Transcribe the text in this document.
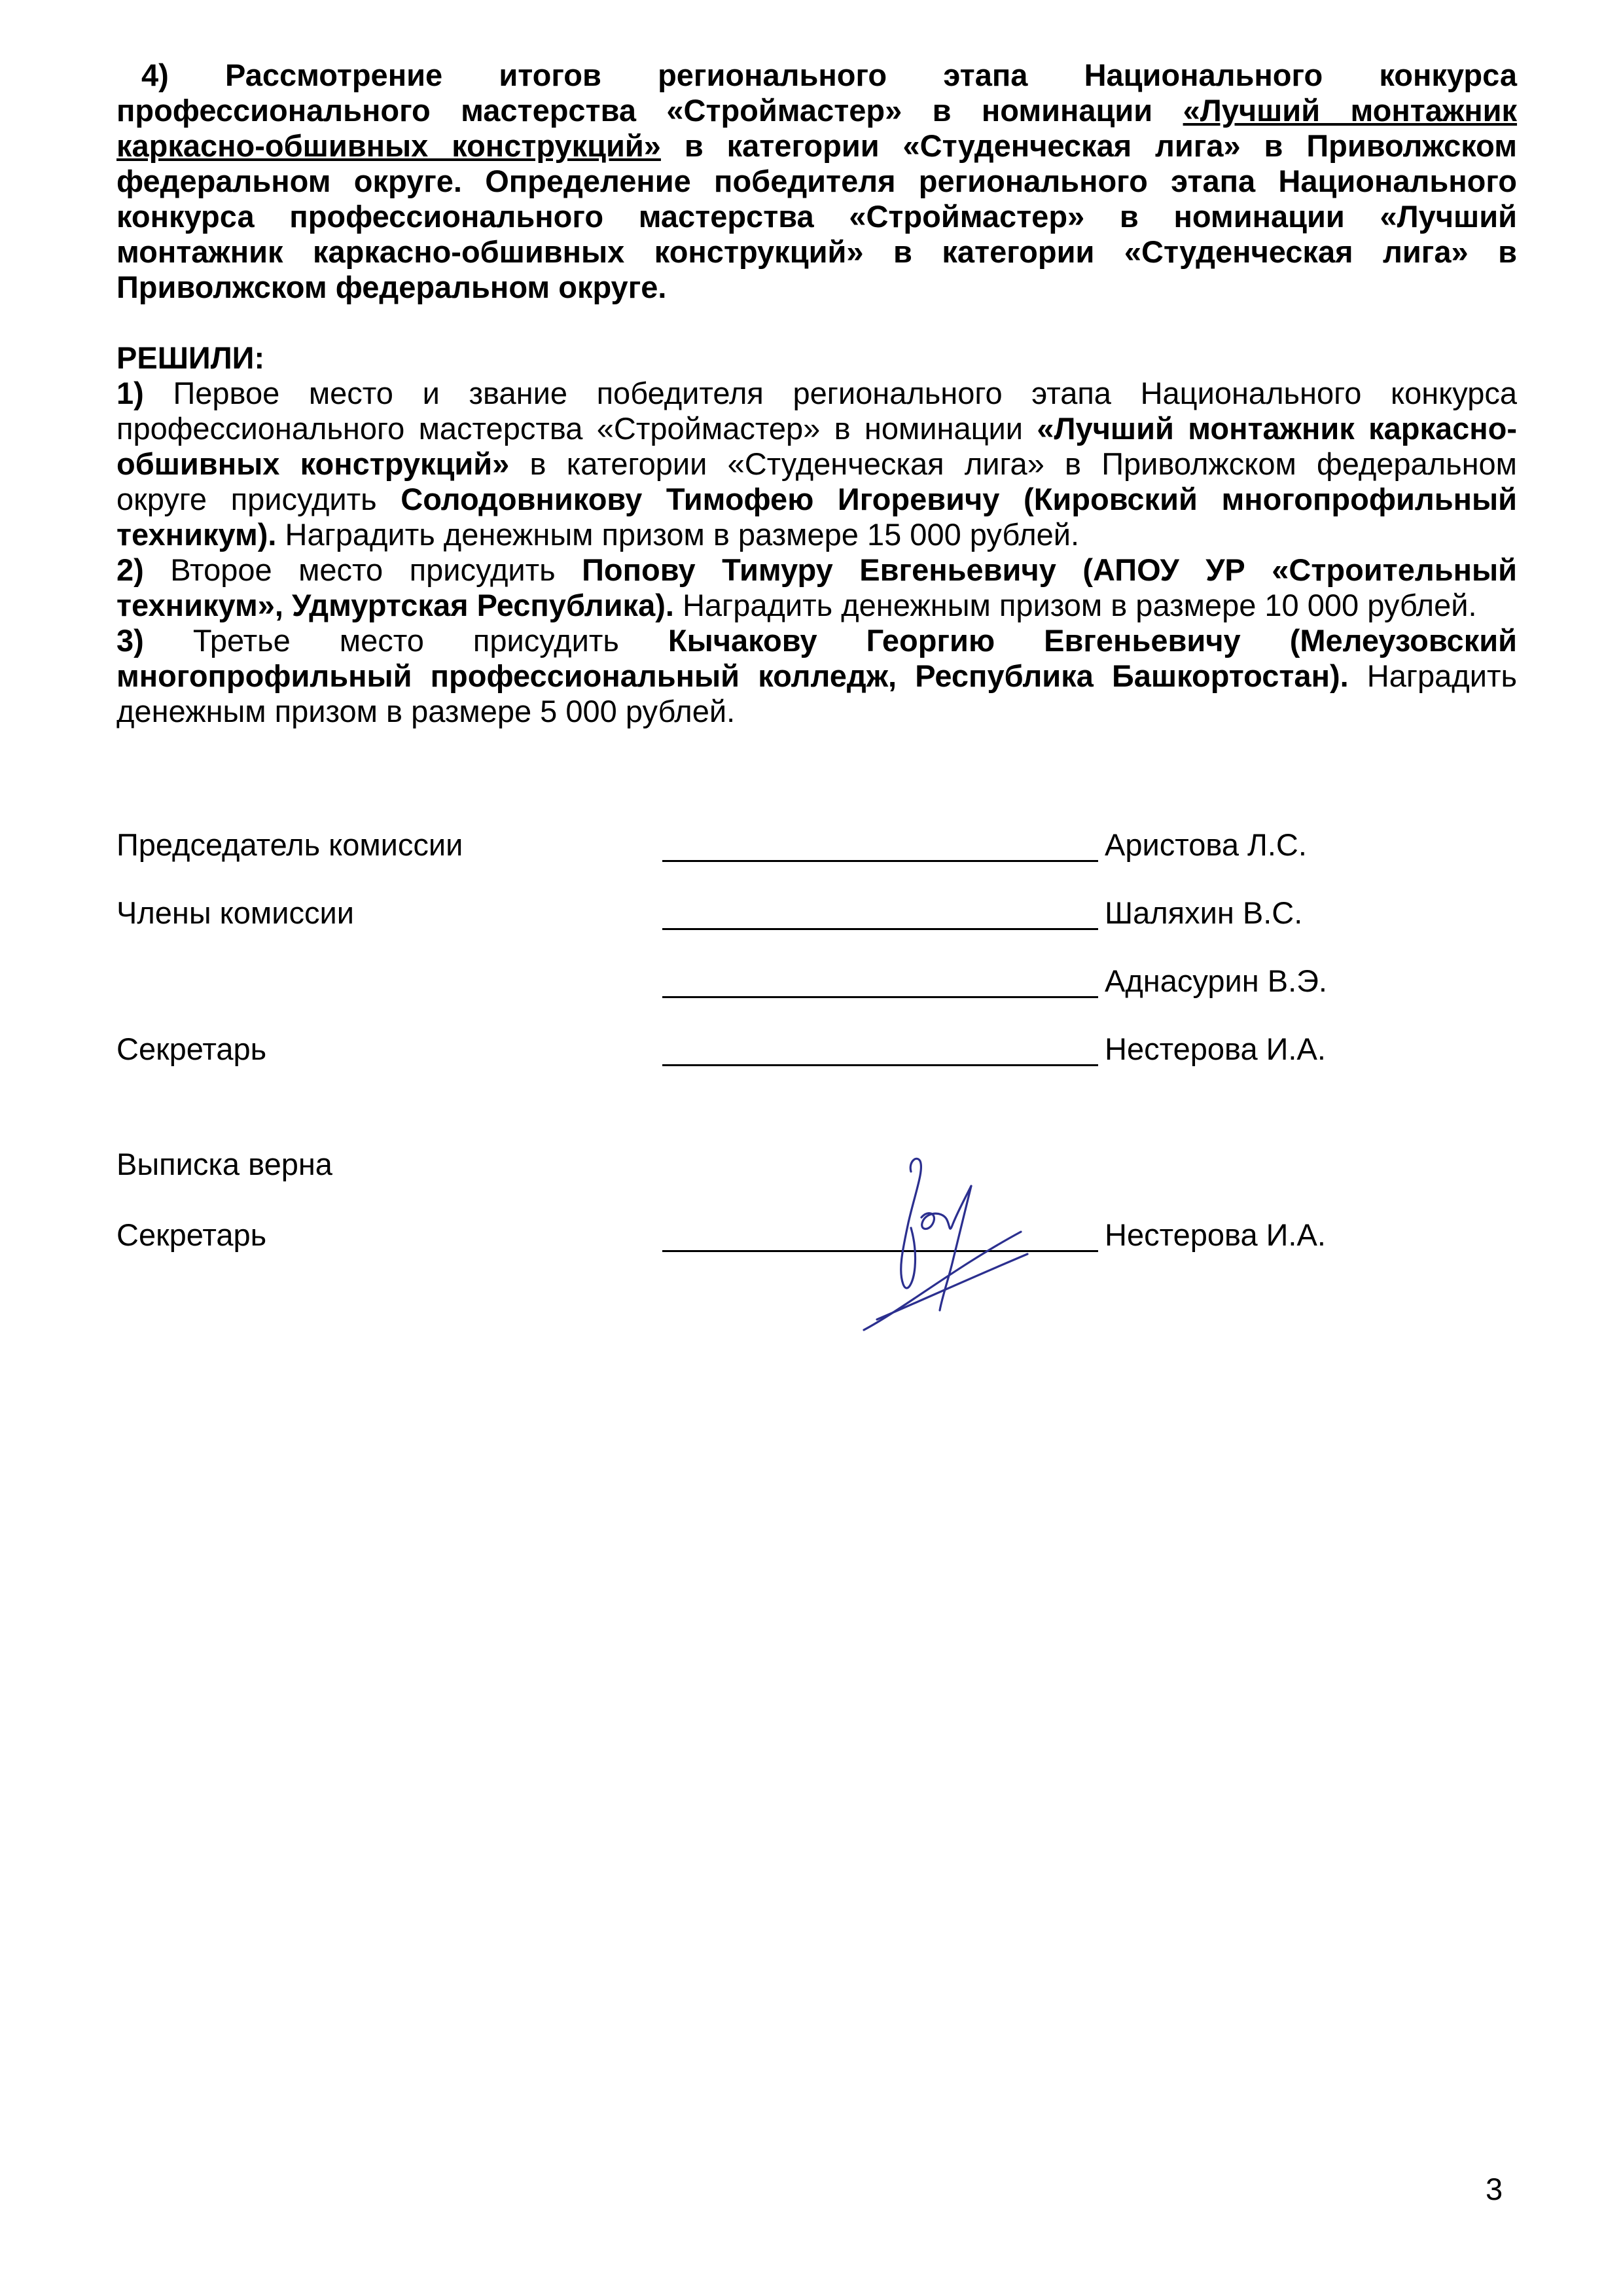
4) Рассмотрение итогов регионального этапа Национального конкурса профессионального мастерства «Строймастер» в номинации «Лучший монтажник каркасно-обшивных конструкций» в категории «Студенческая лига» в Приволжском федеральном округе. Определение победителя регионального этапа Национального конкурса профессионального мастерства «Строймастер» в номинации «Лучший монтажник каркасно-обшивных конструкций» в категории «Студенческая лига» в Приволжском федеральном округе.

РЕШИЛИ:

1) Первое место и звание победителя регионального этапа Национального конкурса профессионального мастерства «Строймастер» в номинации «Лучший монтажник каркасно-обшивных конструкций» в категории «Студенческая лига» в Приволжском федеральном округе присудить Солодовникову Тимофею Игоревичу (Кировский многопрофильный техникум). Наградить денежным призом в размере 15 000 рублей.

2) Второе место присудить Попову Тимуру Евгеньевичу (АПОУ УР «Строительный техникум», Удмуртская Республика). Наградить денежным призом в размере 10 000 рублей.

3) Третье место присудить Кычакову Георгию Евгеньевичу (Мелеузовский многопрофильный профессиональный колледж, Республика Башкортостан). Наградить денежным призом в размере 5 000 рублей.

Председатель комиссии	Аристова Л.С.
Члены комиссии	Шаляхин В.С.
Аднасурин В.Э.
Секретарь	Нестерова И.А.
Выписка верна
Секретарь	Нестерова И.А.
3
